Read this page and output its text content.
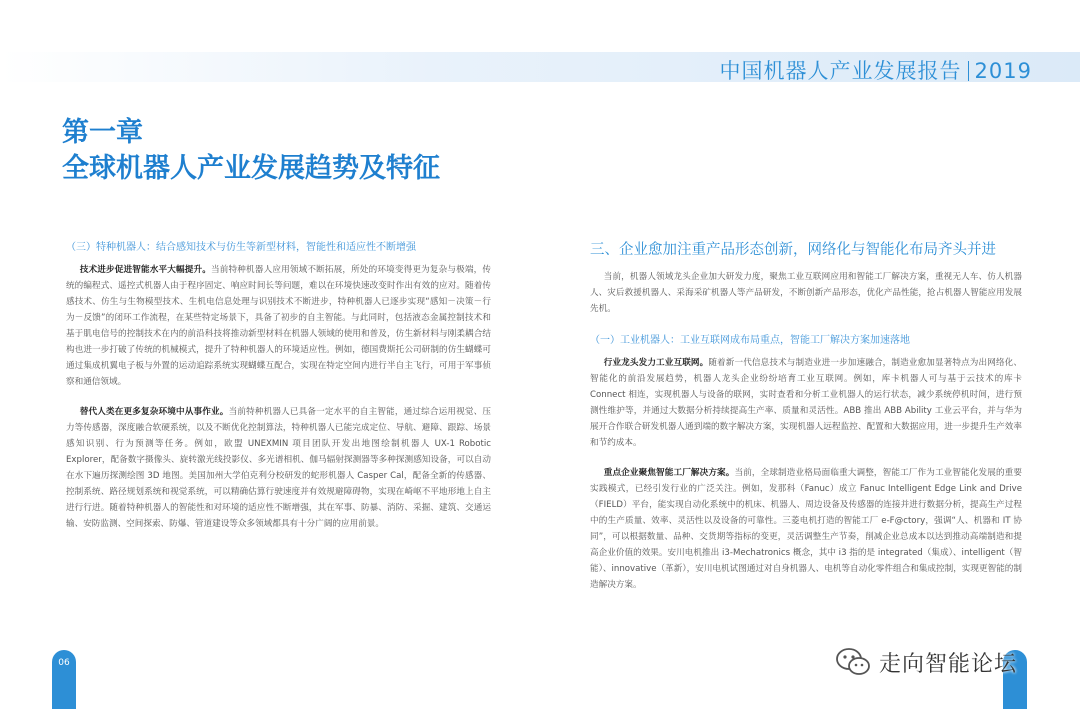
中国机器人产业发展报告 2019
第一章
全球机器人产业发展趋势及特征
（三）特种机器人：结合感知技术与仿生等新型材料，智能性和适应性不断增强

技术进步促进智能水平大幅提升。当前特种机器人应用领域不断拓展，所处的环境变得更为复杂与极端，传统的编程式、遥控式机器人由于程序固定、响应时间长等问题，难以在环境快速改变时作出有效的应对。随着传感技术、仿生与生物模型技术、生机电信息处理与识别技术不断进步，特种机器人已逐步实现“感知－决策－行为－反馈”的闭环工作流程，在某些特定场景下，具备了初步的自主智能。与此同时，包括液态金属控制技术和基于肌电信号的控制技术在内的前沿科技将推动新型材料在机器人领域的使用和普及，仿生新材料与刚柔耦合结构也进一步打破了传统的机械模式，提升了特种机器人的环境适应性。例如，德国费斯托公司研制的仿生蝴蝶可通过集成机翼电子板与外置的运动追踪系统实现蝴蝶互配合，实现在特定空间内进行半自主飞行，可用于军事侦察和通信领域。

替代人类在更多复杂环境中从事作业。当前特种机器人已具备一定水平的自主智能，通过综合运用视觉、压力等传感器，深度融合软硬系统，以及不断优化控制算法，特种机器人已能完成定位、导航、避障、跟踪、场景感知识别、行为预测等任务。例如，欧盟 UNEXMIN 项目团队开发出地图绘制机器人 UX-1 Robotic Explorer，配备数字摄像头、旋转激光线投影仪、多光谱相机、伽马辐射探测器等多种探测感知设备，可以自动在水下遍历探测绘图 3D 地图。美国加州大学伯克利分校研发的蛇形机器人 Casper Cal，配备全新的传感器、控制系统、路径规划系统和视觉系统，可以精确估算行驶速度并有效规避障碍物，实现在崎岖不平地形地上自主进行行进。随着特种机器人的智能性和对环境的适应性不断增强，其在军事、防暴、消防、采掘、建筑、交通运输、安防监测、空间探索、防爆、管道建设等众多领域都具有十分广阔的应用前景。

三、企业愈加注重产品形态创新，网络化与智能化布局齐头并进

当前，机器人领域龙头企业加大研发力度，聚焦工业互联网应用和智能工厂解决方案，重视无人车、仿人机器人、灾后救援机器人、采海采矿机器人等产品研发，不断创新产品形态，优化产品性能，抢占机器人智能应用发展先机。

（一）工业机器人：工业互联网成布局重点，智能工厂解决方案加速落地

行业龙头发力工业互联网。随着新一代信息技术与制造业进一步加速融合，制造业愈加显著特点为出网络化、智能化的前沿发展趋势，机器人龙头企业纷纷培育工业互联网。例如，库卡机器人可与基于云技术的库卡 Connect 相连，实现机器人与设备的联网，实时查看和分析工业机器人的运行状态，减少系统停机时间，进行预测性维护等，并通过大数据分析持续提高生产率、质量和灵活性。ABB 推出 ABB Ability 工业云平台，并与华为展开合作联合研发机器人通到端的数字解决方案，实现机器人远程监控、配置和大数据应用，进一步提升生产效率和节约成本。

重点企业聚焦智能工厂解决方案。当前，全球制造业格局面临重大调整，智能工厂作为工业智能化发展的重要实践模式，已经引发行业的广泛关注。例如，发那科（Fanuc）成立 Fanuc Intelligent Edge Link and Drive（FIELD）平台，能实现自动化系统中的机床、机器人、周边设备及传感器的连接并进行数据分析，提高生产过程中的生产质量、效率、灵活性以及设备的可靠性。三菱电机打造的智能工厂 e-F@ctory，强调“人、机器和 IT 协同”，可以根据数量、品种、交货期等指标的变更，灵活调整生产节奏，削减企业总成本以达到推动高端制造和提高企业价值的效果。安川电机推出 i3-Mechatronics 概念，其中 i3 指的是 integrated（集成）、intelligent（智能）、innovative（革新），安川电机试图通过对自身机器人、电机等自动化零件组合和集成控制，实现更智能的制造解决方案。

06	走向智能论坛
